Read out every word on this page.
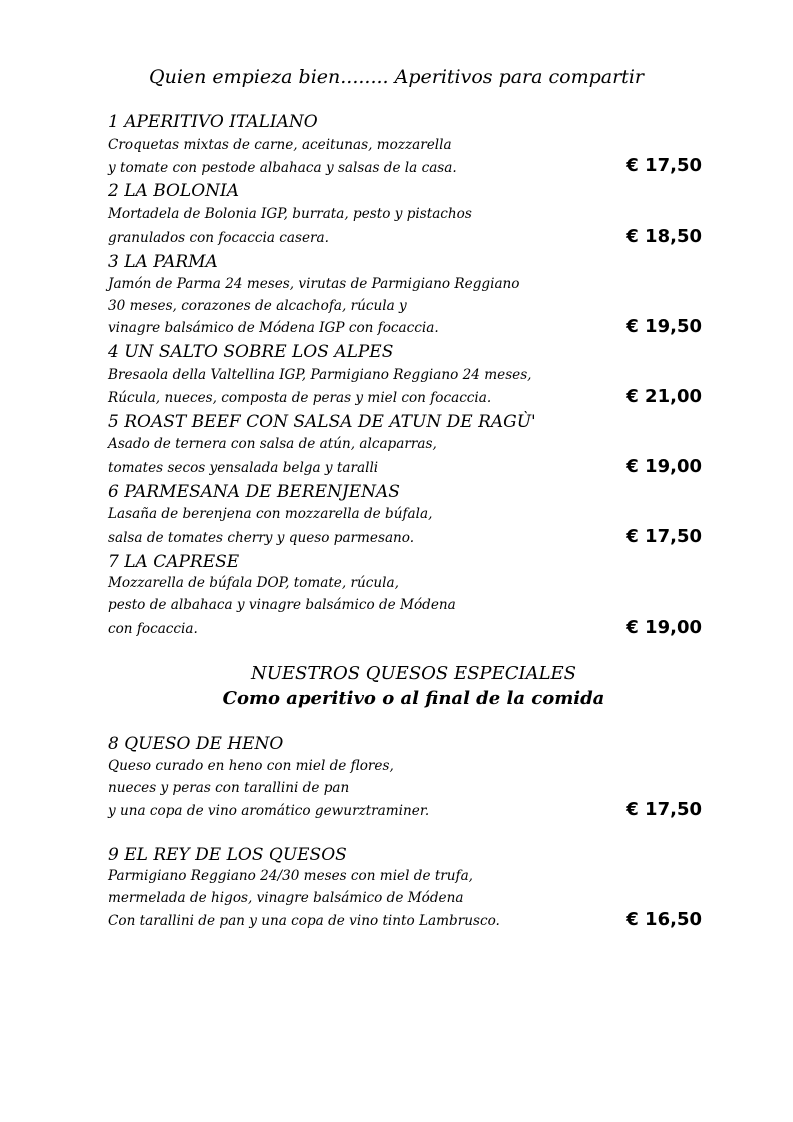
Quien empieza bien........ Aperitivos para compartir
1 APERITIVO ITALIANO
Croquetas mixtas de carne, aceitunas, mozzarella
y tomate con pestode albahaca y salsas de la casa.	€ 17,50
2 LA BOLONIA
Mortadela de Bolonia IGP, burrata, pesto y pistachos
granulados con focaccia casera.	€ 18,50
3 LA PARMA
Jamón de Parma 24 meses, virutas de Parmigiano Reggiano
30 meses, corazones de alcachofa, rúcula y
vinagre balsámico de Módena IGP con focaccia.	€ 19,50
4 UN SALTO SOBRE LOS ALPES
Bresaola della Valtellina IGP, Parmigiano Reggiano 24 meses,
Rúcula, nueces, composta de peras y miel con focaccia.	€ 21,00
5 ROAST BEEF CON SALSA DE ATUN DE RAGÙ'
Asado de ternera con salsa de atún, alcaparras,
tomates secos yensalada belga y taralli	€ 19,00
6 PARMESANA DE BERENJENAS
Lasaña de berenjena con mozzarella de búfala,
salsa de tomates cherry y queso parmesano.	€ 17,50
7 LA CAPRESE
Mozzarella de búfala DOP, tomate, rúcula,
pesto de albahaca y vinagre balsámico de Módena
con focaccia.	€ 19,00
NUESTROS QUESOS ESPECIALES
Como aperitivo o al final de la comida
8 QUESO DE HENO
Queso curado en heno con miel de flores,
nueces y peras con tarallini de pan
y una copa de vino aromático gewurztraminer.	€ 17,50
9 EL REY DE LOS QUESOS
Parmigiano Reggiano 24/30 meses con miel de trufa,
mermelada de higos, vinagre balsámico de Módena
Con tarallini de pan y una copa de vino tinto Lambrusco.	€ 16,50
